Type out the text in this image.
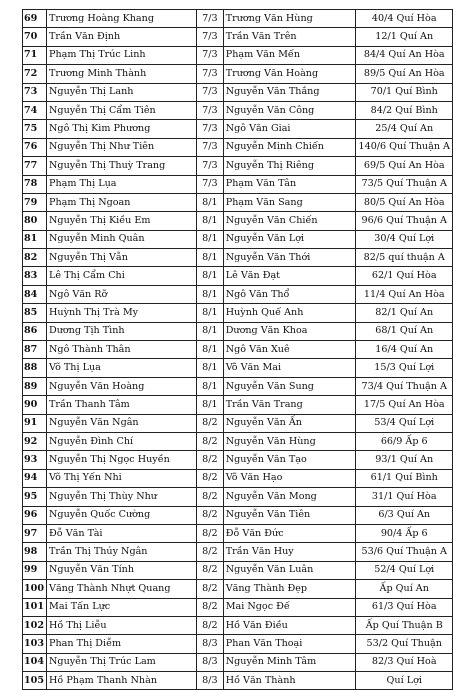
69	Trương Hoàng Khang	7/3	Trương Văn Hùng	40/4 Quí Hòa
70	Trần Văn Định	7/3	Trần Văn Trên	12/1 Quí An
71	Phạm Thị Trúc Linh	7/3	Phạm Văn Mến	84/4 Quí An Hòa
72	Trương Minh Thành	7/3	Trương Văn Hoàng	89/5 Quí An Hòa
73	Nguyễn Thị Lanh	7/3	Nguyễn Văn Thắng	70/1 Quí Bình
74	Nguyễn Thị Cẩm Tiên	7/3	Nguyễn Văn Công	84/2 Quí Bình
75	Ngô Thị Kim Phương	7/3	Ngô Văn Giai	25/4 Quí An
76	Nguyễn Thị Như Tiên	7/3	Nguyễn Minh Chiến	140/6 Quí Thuận A
77	Nguyễn Thị Thuỳ Trang	7/3	Nguyễn Thị Riêng	69/5 Quí An Hòa
78	Phạm Thị Lụa	7/3	Phạm Văn Tân	73/5 Quí Thuận A
79	Phạm Thị Ngoan	8/1	Phạm Văn Sang	80/5 Quí An Hòa
80	Nguyễn Thị Kiều Em	8/1	Nguyễn Văn Chiến	96/6 Quí Thuận A
81	Nguyễn Minh Quân	8/1	Nguyễn Văn Lợi	30/4 Quí Lợi
82	Nguyễn Thị Vẫn	8/1	Nguyễn Văn Thới	82/5 quí thuận A
83	Lê Thị Cẩm Chi	8/1	Lê Văn Đạt	62/1 Quí Hòa
84	Ngô Văn Rỡ	8/1	Ngô Văn Thổ	11/4 Quí An Hòa
85	Huỳnh Thị Trà My	8/1	Huỳnh Quế Anh	82/1 Quí An
86	Dương Tịh Tình	8/1	Dương Văn Khoa	68/1 Quí An
87	Ngô Thành Thân	8/1	Ngô Văn Xuê	16/4 Quí An
88	Võ Thị Lụa	8/1	Võ Văn Mai	15/3 Quí Lợi
89	Nguyễn Văn Hoàng	8/1	Nguyễn Văn Sung	73/4 Quí Thuận A
90	Trần Thanh Tâm	8/1	Trần Văn Trang	17/5 Quí An Hòa
91	Nguyễn Văn Ngân	8/2	Nguyễn Văn Ấn	53/4 Quí Lợi
92	Nguyễn Đình Chí	8/2	Nguyễn Văn Hùng	66/9 Ấp 6
93	Nguyễn Thị Ngọc Huyền	8/2	Nguyễn Văn Tạo	93/1 Quí An
94	Võ Thị Yến Nhi	8/2	Võ Văn Hạo	61/1 Quí Bình
95	Nguyễn Thị Thùy Như	8/2	Nguyễn Văn Mong	31/1 Quí Hòa
96	Nguyễn Quốc Cường	8/2	Nguyễn Văn Tiên	6/3 Quí An
97	Đỗ Văn Tài	8/2	Đỗ Văn Đức	90/4 Ấp 6
98	Trần Thị Thúy Ngân	8/2	Trần Văn Huy	53/6 Quí Thuận A
99	Nguyễn Văn Tính	8/2	Nguyễn Văn Luân	52/4 Quí Lợi
100	Văng Thành Nhựt Quang	8/2	Văng Thành Đẹp	Ấp Quí An
101	Mai Tấn Lực	8/2	Mai Ngọc Đế	61/3 Quí Hòa
102	Hồ Thị Liễu	8/2	Hồ Văn Điều	Ấp Quí Thuận B
103	Phan Thị Diễm	8/3	Phan Văn Thoại	53/2 Quí Thuận
104	Nguyễn Thị Trúc Lam	8/3	Nguyễn Minh Tâm	82/3 Quí Hoà
105	Hồ Phạm Thanh Nhàn	8/3	Hồ Văn Thành	Quí Lợi
